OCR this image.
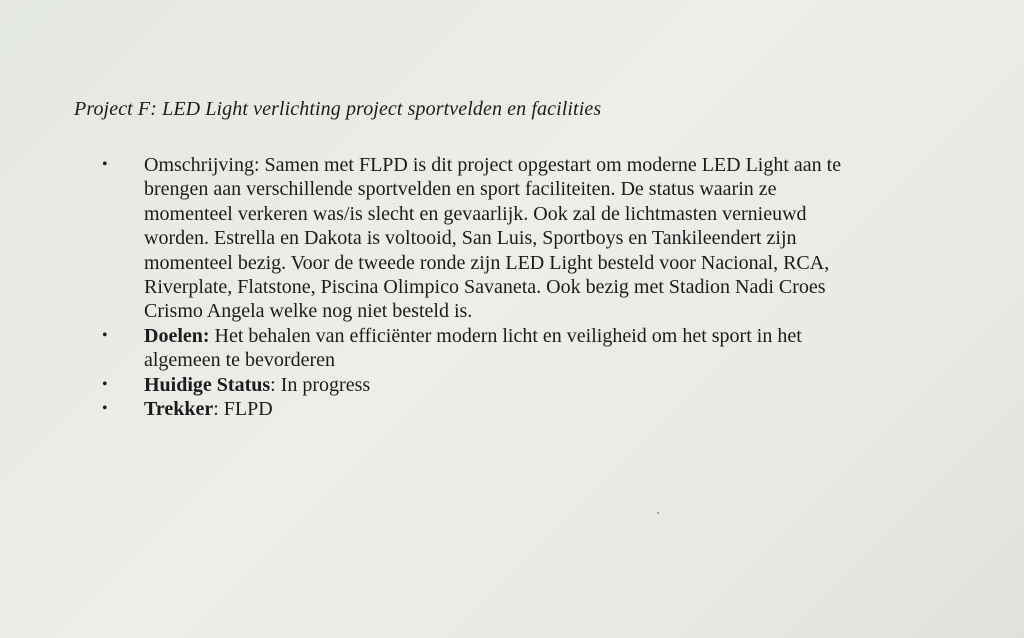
Project F: LED Light verlichting project sportvelden en facilities
• Omschrijving: Samen met FLPD is dit project opgestart om moderne LED Light aan te
brengen aan verschillende sportvelden en sport faciliteiten. De status waarin ze
momenteel verkeren was/is slecht en gevaarlijk. Ook zal de lichtmasten vernieuwd
worden. Estrella en Dakota is voltooid, San Luis, Sportboys en Tankileendert zijn
momenteel bezig. Voor de tweede ronde zijn LED Light besteld voor Nacional, RCA,
Riverplate, Flatstone, Piscina Olimpico Savaneta. Ook bezig met Stadion Nadi Croes
Crismo Angela welke nog niet besteld is.
• Doelen: Het behalen van efficiënter modern licht en veiligheid om het sport in het
algemeen te bevorderen
• Huidige Status: In progress
• Trekker: FLPD
